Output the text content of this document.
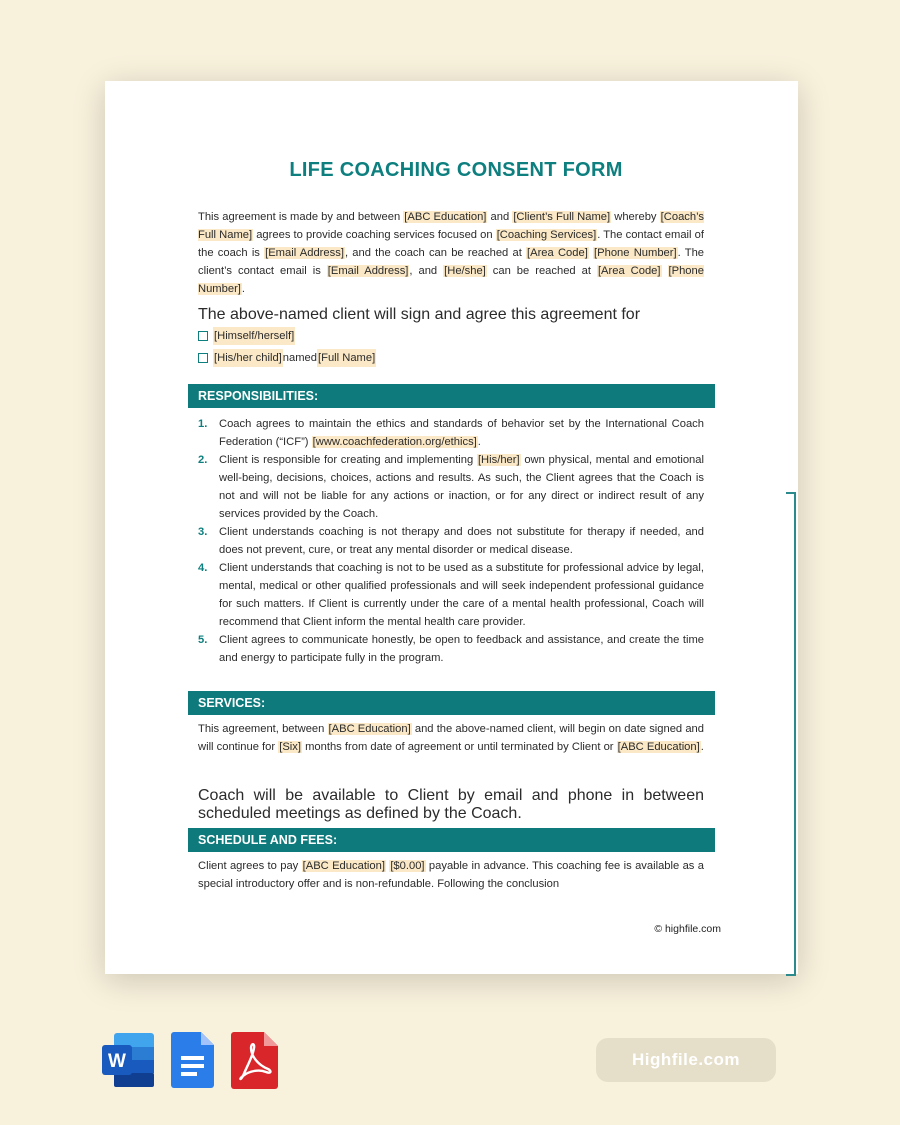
LIFE COACHING CONSENT FORM

This agreement is made by and between [ABC Education] and [Client’s Full Name] whereby [Coach’s Full Name] agrees to provide coaching services focused on [Coaching Services]. The contact email of the coach is [Email Address], and the coach can be reached at [Area Code] [Phone Number]. The client’s contact email is [Email Address], and [He/she] can be reached at [Area Code] [Phone Number].

The above-named client will sign and agree this agreement for
[Himself/herself]
[His/her child] named [Full Name]
RESPONSIBILITIES:
1.	Coach agrees to maintain the ethics and standards of behavior set by the International Coach Federation (“ICF”) [www.coachfederation.org/ethics].
2.	Client is responsible for creating and implementing [His/her] own physical, mental and emotional well-being, decisions, choices, actions and results. As such, the Client agrees that the Coach is not and will not be liable for any actions or inaction, or for any direct or indirect result of any services provided by the Coach.
3.	Client understands coaching is not therapy and does not substitute for therapy if needed, and does not prevent, cure, or treat any mental disorder or medical disease.
4.	Client understands that coaching is not to be used as a substitute for professional advice by legal, mental, medical or other qualified professionals and will seek independent professional guidance for such matters. If Client is currently under the care of a mental health professional, Coach will recommend that Client inform the mental health care provider.
5.	Client agrees to communicate honestly, be open to feedback and assistance, and create the time and energy to participate fully in the program.
SERVICES:

This agreement, between [ABC Education] and the above-named client, will begin on date signed and will continue for [Six] months from date of agreement or until terminated by Client or [ABC Education].

Coach will be available to Client by email and phone in between scheduled meetings as defined by the Coach.
SCHEDULE AND FEES:

Client agrees to pay [ABC Education] [$0.00] payable in advance. This coaching fee is available as a special introductory offer and is non-refundable. Following the conclusion

© highfile.com
W	Highfile.com
